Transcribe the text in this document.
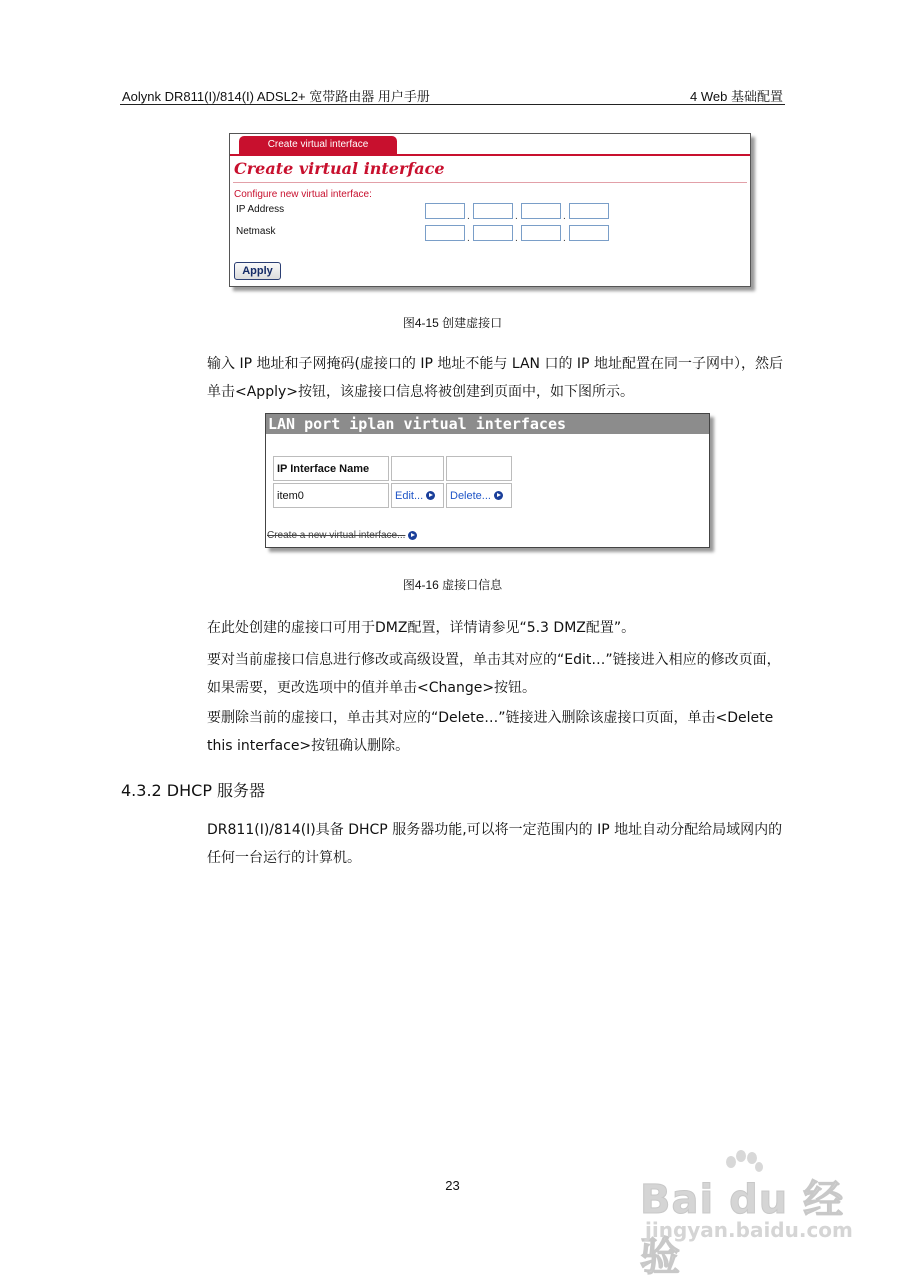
Aolynk DR811(I)/814(I) ADSL2+ 宽带路由器 用户手册	4 Web 基础配置
Create virtual interface
Create virtual interface
Configure new virtual interface:
IP Address
.	.	.
Netmask
.	.	.
Apply
图4-15 创建虚接口

输入 IP 地址和子网掩码(虚接口的 IP 地址不能与 LAN 口的 IP 地址配置在同一子网中），然后单击<Apply>按钮，该虚接口信息将被创建到页面中，如下图所示。

LAN port iplan virtual interfaces
IP Interface Name		
item0	Edit...	Delete...
Create a new virtual interface...
图4-16 虚接口信息

在此处创建的虚接口可用于DMZ配置，详情请参见“5.3 DMZ配置”。

要对当前虚接口信息进行修改或高级设置，单击其对应的“Edit…”链接进入相应的修改页面，如果需要，更改选项中的值并单击<Change>按钮。

要删除当前的虚接口，单击其对应的“Delete…”链接进入删除该虚接口页面，单击<Delete this interface>按钮确认删除。

4.3.2 DHCP 服务器

DR811(I)/814(I)具备 DHCP 服务器功能,可以将一定范围内的 IP 地址自动分配给局域网内的任何一台运行的计算机。

23	Bai du 经验
jingyan.baidu.com
